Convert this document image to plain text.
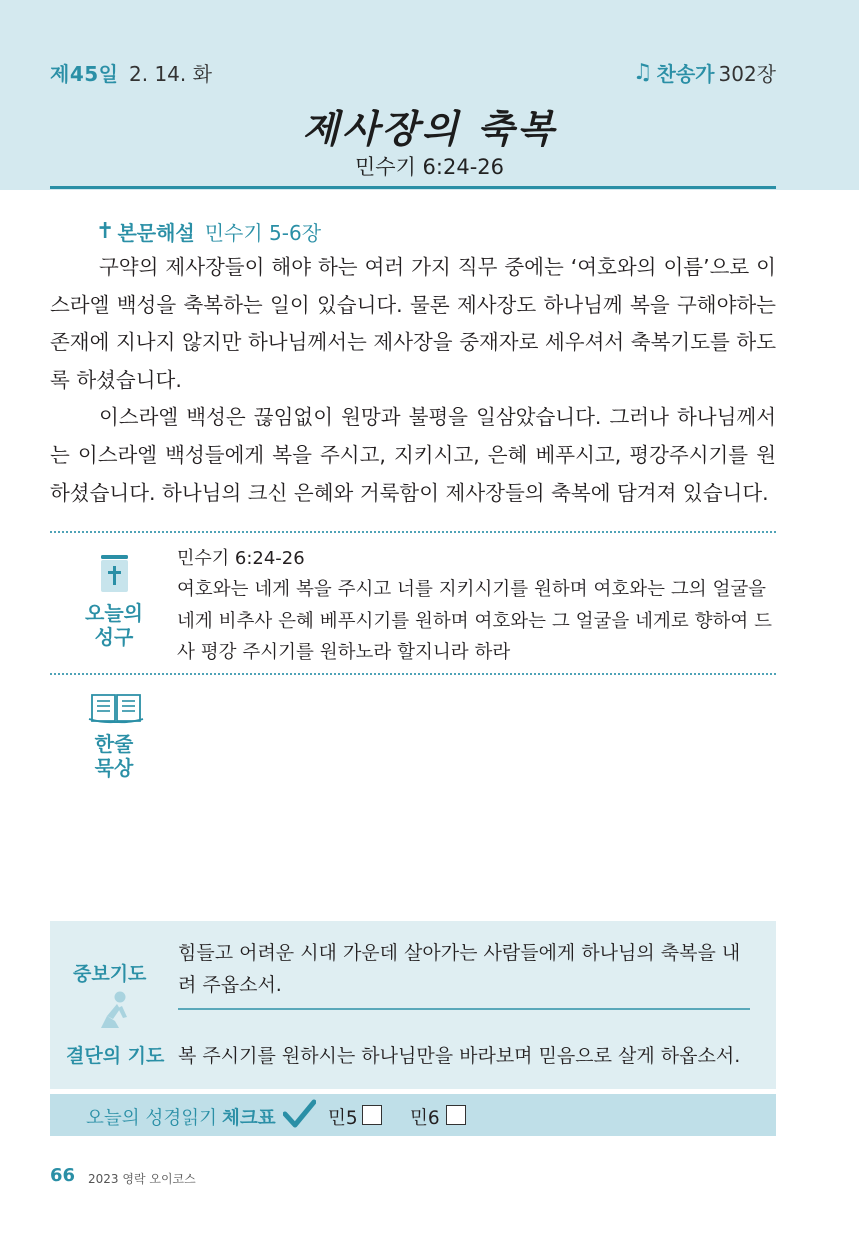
제45일 2. 14. 화	♫ 찬송가 302장
제사장의 축복
민수기 6:24-26
✝ 본문해설 민수기 5-6장

구약의 제사장들이 해야 하는 여러 가지 직무 중에는 ‘여호와의 이름’으로 이스라엘 백성을 축복하는 일이 있습니다. 물론 제사장도 하나님께 복을 구해야하는 존재에 지나지 않지만 하나님께서는 제사장을 중재자로 세우셔서 축복기도를 하도록 하셨습니다.

이스라엘 백성은 끊임없이 원망과 불평을 일삼았습니다. 그러나 하나님께서는 이스라엘 백성들에게 복을 주시고, 지키시고, 은혜 베푸시고, 평강주시기를 원하셨습니다. 하나님의 크신 은혜와 거룩함이 제사장들의 축복에 담겨져 있습니다.

오늘의
성구
민수기 6:24-26
여호와는 네게 복을 주시고 너를 지키시기를 원하며 여호와는 그의 얼굴을 네게 비추사 은혜 베푸시기를 원하며 여호와는 그 얼굴을 네게로 향하여 드사 평강 주시기를 원하노라 할지니라 하라
한줄
묵상
중보기도
힘들고 어려운 시대 가운데 살아가는 사람들에게 하나님의 축복을 내려 주옵소서.
결단의 기도 복 주시기를 원하시는 하나님만을 바라보며 믿음으로 살게 하옵소서.
오늘의 성경읽기 체크표	민5	민6
66 2023 영락 오이코스
